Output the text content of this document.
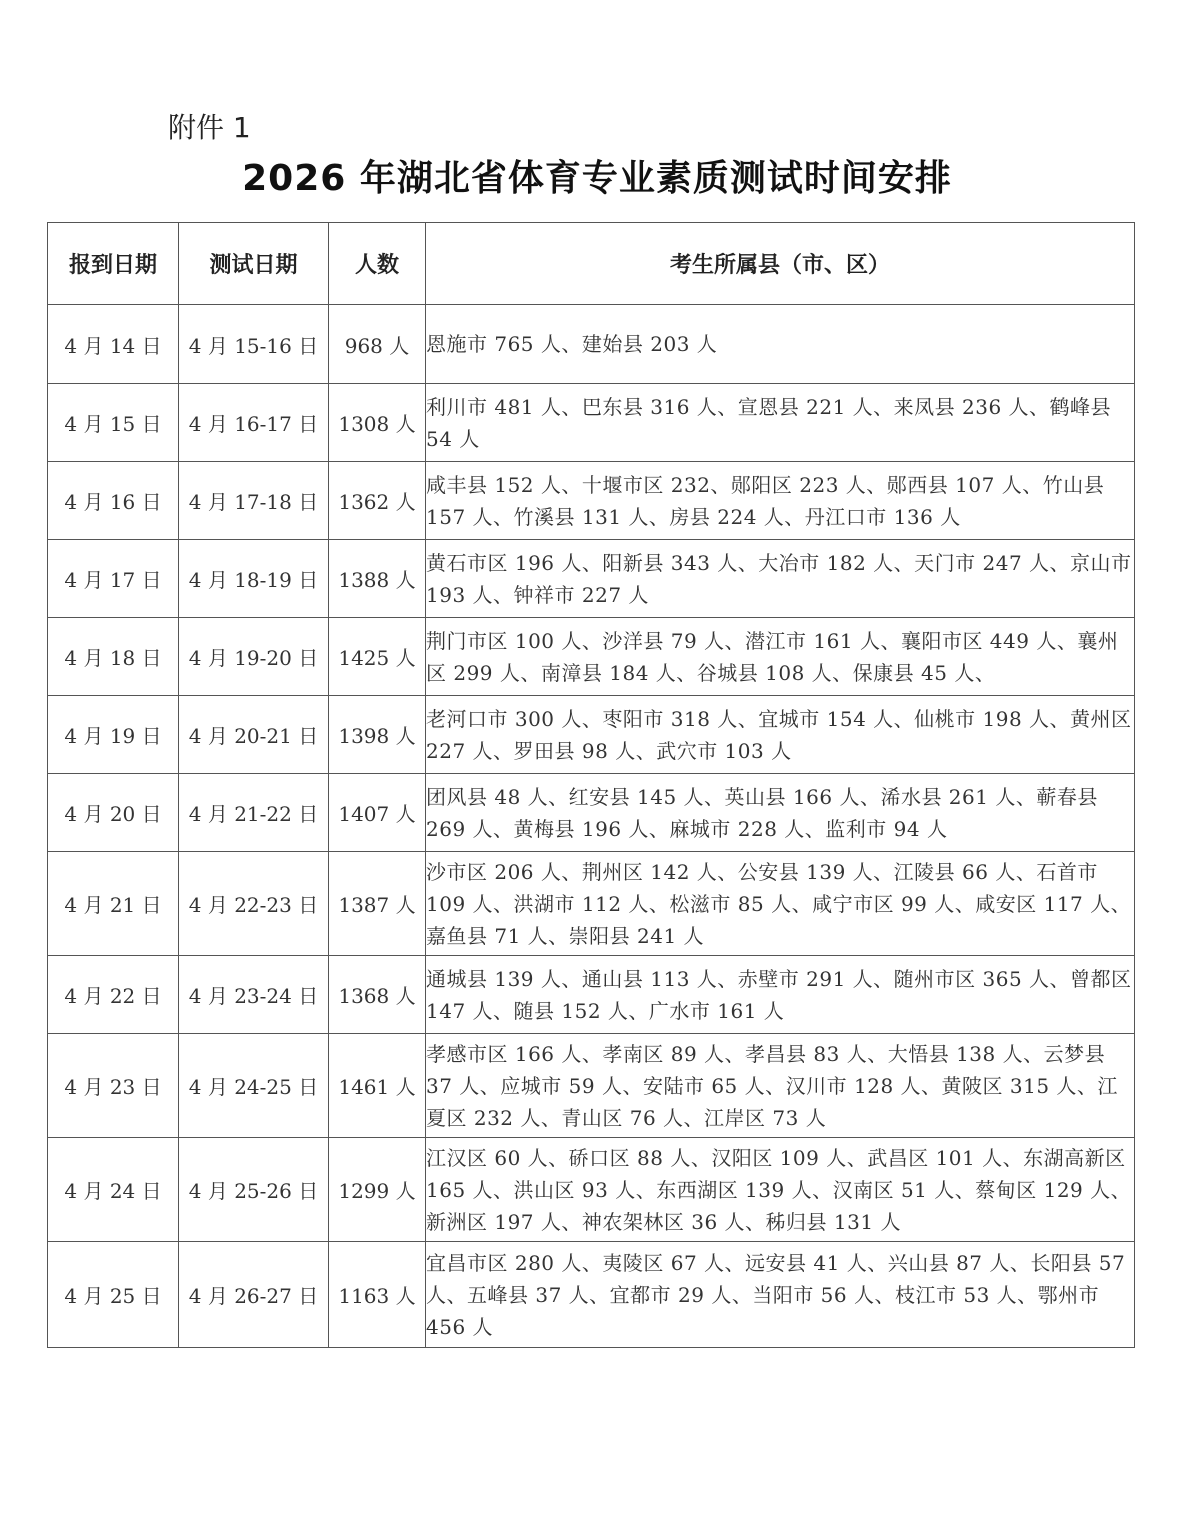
附件 1
2026 年湖北省体育专业素质测试时间安排
报到日期	测试日期	人数	考生所属县（市、区）
4 月 14 日	4 月 15-16 日	968 人	恩施市 765 人、建始县 203 人
4 月 15 日	4 月 16-17 日	1308 人	利川市 481 人、巴东县 316 人、宣恩县 221 人、来凤县 236 人、鹤峰县 54 人
4 月 16 日	4 月 17-18 日	1362 人	咸丰县 152 人、十堰市区 232、郧阳区 223 人、郧西县 107 人、竹山县 157 人、竹溪县 131 人、房县 224 人、丹江口市 136 人
4 月 17 日	4 月 18-19 日	1388 人	黄石市区 196 人、阳新县 343 人、大冶市 182 人、天门市 247 人、京山市 193 人、钟祥市 227 人
4 月 18 日	4 月 19-20 日	1425 人	荆门市区 100 人、沙洋县 79 人、潜江市 161 人、襄阳市区 449 人、襄州区 299 人、南漳县 184 人、谷城县 108 人、保康县 45 人、
4 月 19 日	4 月 20-21 日	1398 人	老河口市 300 人、枣阳市 318 人、宜城市 154 人、仙桃市 198 人、黄州区 227 人、罗田县 98 人、武穴市 103 人
4 月 20 日	4 月 21-22 日	1407 人	团风县 48 人、红安县 145 人、英山县 166 人、浠水县 261 人、蕲春县 269 人、黄梅县 196 人、麻城市 228 人、监利市 94 人
4 月 21 日	4 月 22-23 日	1387 人	沙市区 206 人、荆州区 142 人、公安县 139 人、江陵县 66 人、石首市 109 人、洪湖市 112 人、松滋市 85 人、咸宁市区 99 人、咸安区 117 人、嘉鱼县 71 人、崇阳县 241 人
4 月 22 日	4 月 23-24 日	1368 人	通城县 139 人、通山县 113 人、赤壁市 291 人、随州市区 365 人、曾都区 147 人、随县 152 人、广水市 161 人
4 月 23 日	4 月 24-25 日	1461 人	孝感市区 166 人、孝南区 89 人、孝昌县 83 人、大悟县 138 人、云梦县 37 人、应城市 59 人、安陆市 65 人、汉川市 128 人、黄陂区 315 人、江夏区 232 人、青山区 76 人、江岸区 73 人
4 月 24 日	4 月 25-26 日	1299 人	江汉区 60 人、硚口区 88 人、汉阳区 109 人、武昌区 101 人、东湖高新区 165 人、洪山区 93 人、东西湖区 139 人、汉南区 51 人、蔡甸区 129 人、新洲区 197 人、神农架林区 36 人、秭归县 131 人
4 月 25 日	4 月 26-27 日	1163 人	宜昌市区 280 人、夷陵区 67 人、远安县 41 人、兴山县 87 人、长阳县 57 人、五峰县 37 人、宜都市 29 人、当阳市 56 人、枝江市 53 人、鄂州市 456 人
